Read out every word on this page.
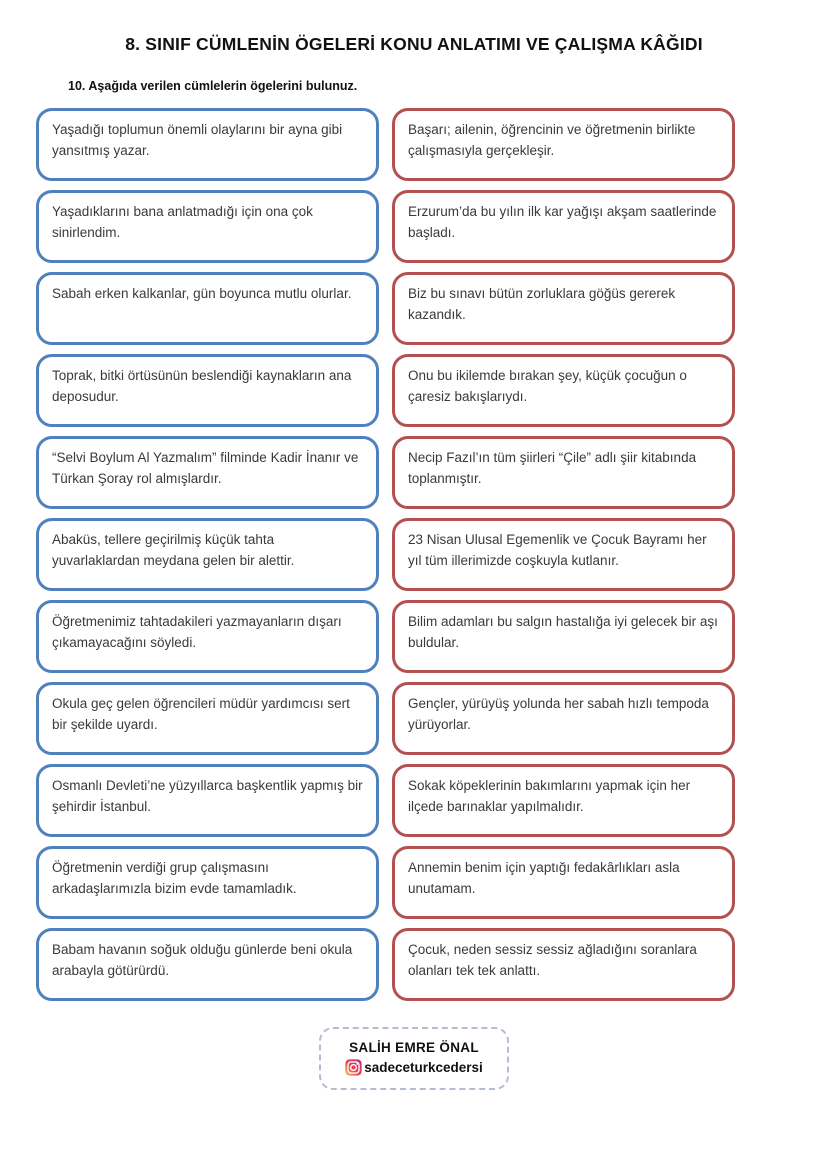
8. SINIF CÜMLENİN ÖGELERİ KONU ANLATIMI VE ÇALIŞMA KÂĞIDI
10. Aşağıda verilen cümlelerin ögelerini bulunuz.

Yaşadığı toplumun önemli olaylarını bir ayna gibi yansıtmış yazar.

Yaşadıklarını bana anlatmadığı için ona çok sinirlendim.

Sabah erken kalkanlar, gün boyunca mutlu olurlar.

Toprak, bitki örtüsünün beslendiği kaynakların ana deposudur.

“Selvi Boylum Al Yazmalım” filminde Kadir İnanır ve Türkan Şoray rol almışlardır.

Abaküs, tellere geçirilmiş küçük tahta yuvarlaklardan meydana gelen bir alettir.

Öğretmenimiz tahtadakileri yazmayanların dışarı çıkamayacağını söyledi.

Okula geç gelen öğrencileri müdür yardımcısı sert bir şekilde uyardı.

Osmanlı Devleti’ne yüzyıllarca başkentlik yapmış bir şehirdir İstanbul.

Öğretmenin verdiği grup çalışmasını arkadaşlarımızla bizim evde tamamladık.

Babam havanın soğuk olduğu günlerde beni okula arabayla götürürdü.

Başarı; ailenin, öğrencinin ve öğretmenin birlikte çalışmasıyla gerçekleşir.

Erzurum’da bu yılın ilk kar yağışı akşam saatlerinde başladı.

Biz bu sınavı bütün zorluklara göğüs gererek kazandık.

Onu bu ikilemde bırakan şey, küçük çocuğun o çaresiz bakışlarıydı.

Necip Fazıl’ın tüm şiirleri “Çile” adlı şiir kitabında toplanmıştır.

23 Nisan Ulusal Egemenlik ve Çocuk Bayramı her yıl tüm illerimizde coşkuyla kutlanır.

Bilim adamları bu salgın hastalığa iyi gelecek bir aşı buldular.

Gençler, yürüyüş yolunda her sabah hızlı tempoda yürüyorlar.

Sokak köpeklerinin bakımlarını yapmak için her ilçede barınaklar yapılmalıdır.

Annemin benim için yaptığı fedakârlıkları asla unutamam.

Çocuk, neden sessiz sessiz ağladığını soranlara olanları tek tek anlattı.

SALİH EMRE ÖNAL
sadeceturkcedersi
